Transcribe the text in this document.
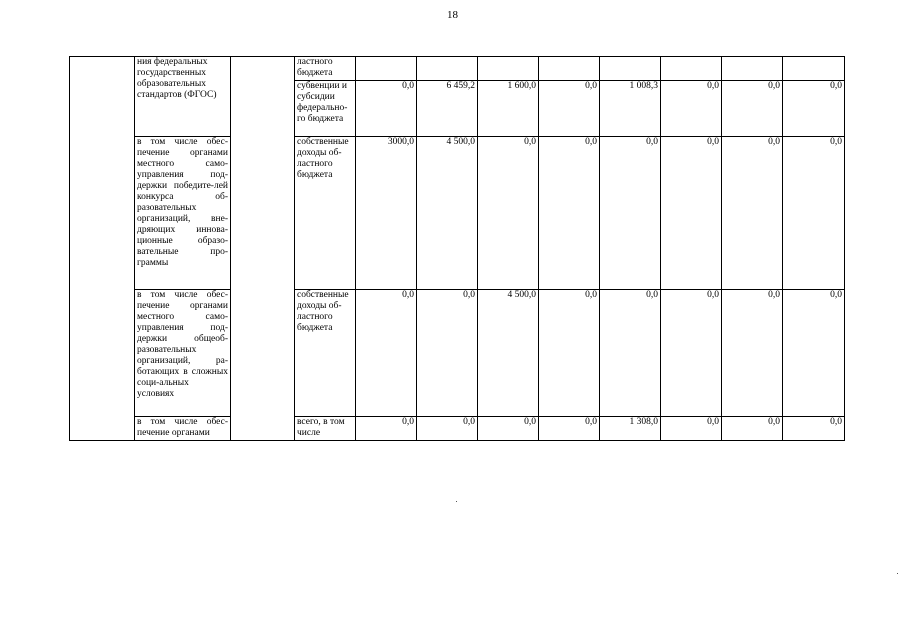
18
	ния федеральных государственных образовательных стандартов (ФГОС)		ластного бюджета								
			субвенции и субсидии федерально-го бюджета	0,0	6 459,2	1 600,0	0,0	1 008,3	0,0	0,0	0,0
	в том числе обес-печение органами местного само-управления под-держки победите-лей конкурса об-разовательных организаций, вне-дряющих иннова-ционные образо-вательные про-граммы		собственные доходы об-ластного бюджета	3000,0	4 500,0	0,0	0,0	0,0	0,0	0,0	0,0
	в том числе обес-печение органами местного само-управления под-держки общеоб-разовательных организаций, ра-ботающих в сложных соци-альных условиях		собственные доходы об-ластного бюджета	0,0	0,0	4 500,0	0,0	0,0	0,0	0,0	0,0
	в том числе обес-печение органами		всего, в том числе	0,0	0,0	0,0	0,0	1 308,0	0,0	0,0	0,0
